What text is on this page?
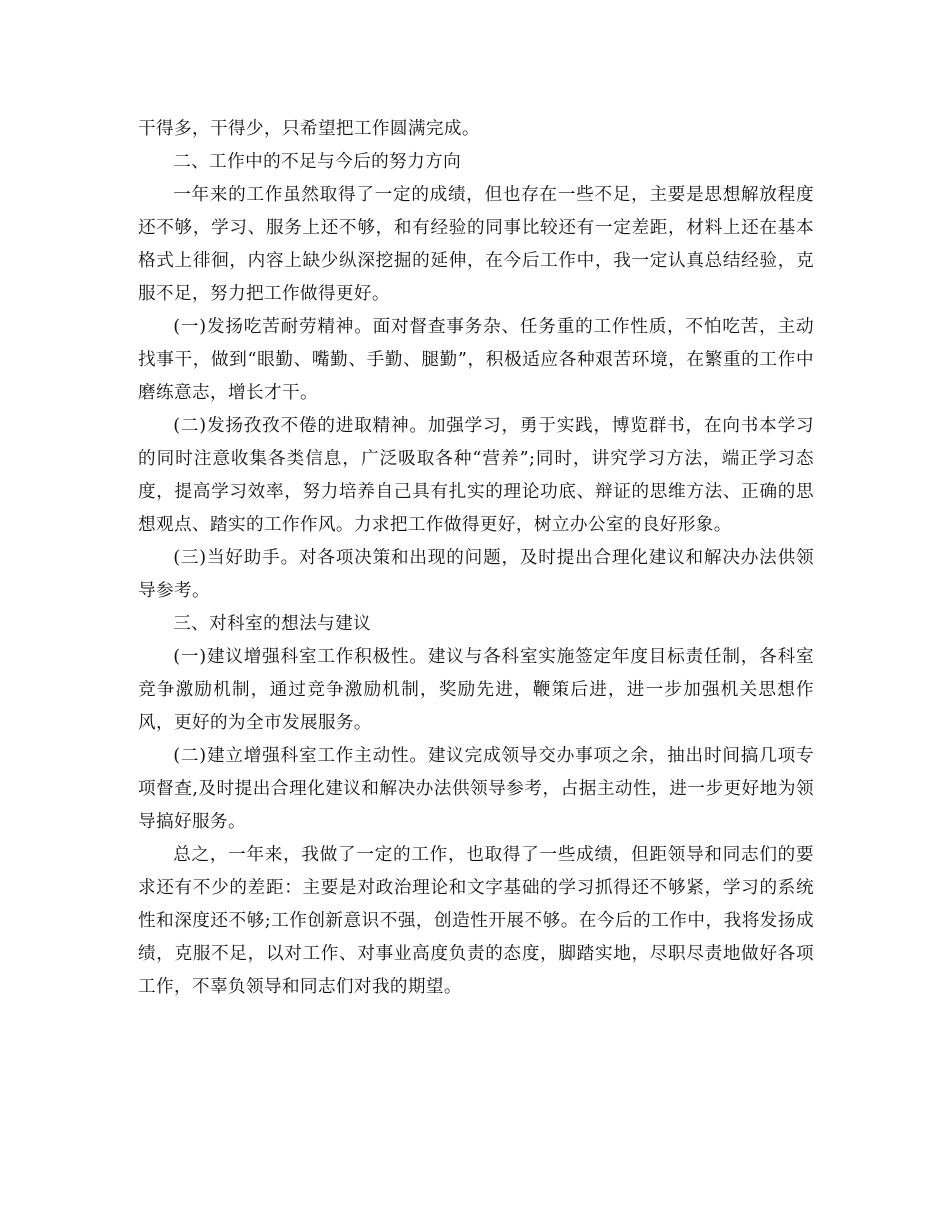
干得多，干得少，只希望把工作圆满完成。

二、工作中的不足与今后的努力方向

一年来的工作虽然取得了一定的成绩，但也存在一些不足，主要是思想解放程度还不够，学习、服务上还不够，和有经验的同事比较还有一定差距，材料上还在基本格式上徘徊，内容上缺少纵深挖掘的延伸，在今后工作中，我一定认真总结经验，克服不足，努力把工作做得更好。

(一)发扬吃苦耐劳精神。面对督查事务杂、任务重的工作性质，不怕吃苦，主动找事干，做到“眼勤、嘴勤、手勤、腿勤”，积极适应各种艰苦环境，在繁重的工作中磨练意志，增长才干。

(二)发扬孜孜不倦的进取精神。加强学习，勇于实践，博览群书，在向书本学习的同时注意收集各类信息，广泛吸取各种“营养”;同时，讲究学习方法，端正学习态度，提高学习效率，努力培养自己具有扎实的理论功底、辩证的思维方法、正确的思想观点、踏实的工作作风。力求把工作做得更好，树立办公室的良好形象。

(三)当好助手。对各项决策和出现的问题，及时提出合理化建议和解决办法供领导参考。

三、对科室的想法与建议

(一)建议增强科室工作积极性。建议与各科室实施签定年度目标责任制，各科室竞争激励机制，通过竞争激励机制，奖励先进，鞭策后进，进一步加强机关思想作风，更好的为全市发展服务。

(二)建立增强科室工作主动性。建议完成领导交办事项之余，抽出时间搞几项专项督查,及时提出合理化建议和解决办法供领导参考，占据主动性，进一步更好地为领导搞好服务。

总之，一年来，我做了一定的工作，也取得了一些成绩，但距领导和同志们的要求还有不少的差距：主要是对政治理论和文字基础的学习抓得还不够紧，学习的系统性和深度还不够;工作创新意识不强，创造性开展不够。在今后的工作中，我将发扬成绩，克服不足，以对工作、对事业高度负责的态度，脚踏实地，尽职尽责地做好各项工作，不辜负领导和同志们对我的期望。
